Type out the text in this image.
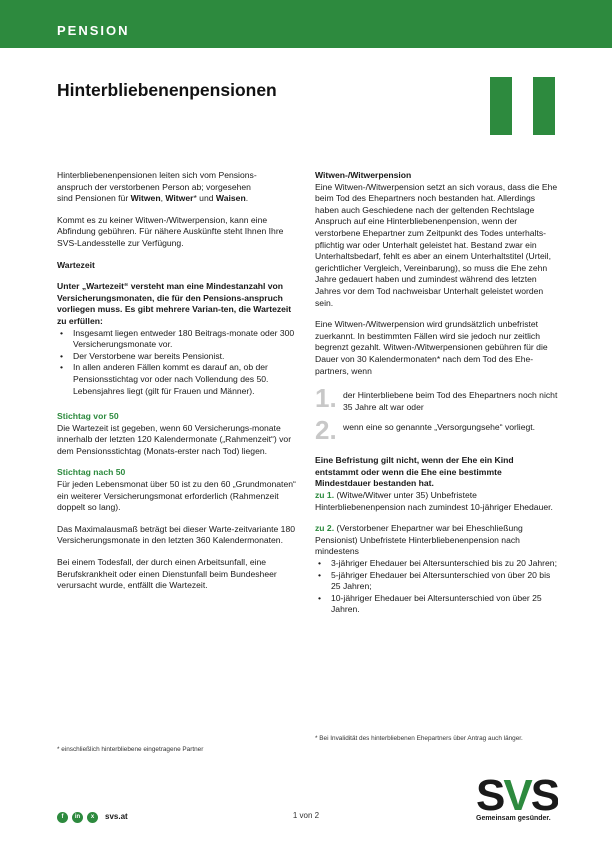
PENSION
Hinterbliebenenpensionen

Hinterbliebenenpensionen leiten sich vom Pensions-
anspruch der verstorbenen Person ab; vorgesehen
sind Pensionen für Witwen, Witwer* und Waisen.

Kommt es zu keiner Witwen-/Witwerpension, kann eine Abfindung gebühren. Für nähere Auskünfte steht Ihnen Ihre SVS-Landesstelle zur Verfügung.

Wartezeit

Unter „Wartezeit“ versteht man eine Mindestanzahl von Versicherungsmonaten, die für den Pensions-anspruch vorliegen muss. Es gibt mehrere Varian-ten, die Wartezeit zu erfüllen:

• Insgesamt liegen entweder 180 Beitrags-monate oder 300 Versicherungsmonate vor.
• Der Verstorbene war bereits Pensionist.
• In allen anderen Fällen kommt es darauf an, ob der Pensionsstichtag vor oder nach Vollendung des 50. Lebensjahres liegt (gilt für Frauen und Männer).

Stichtag vor 50

Die Wartezeit ist gegeben, wenn 60 Versicherungs-monate innerhalb der letzten 120 Kalendermonate („Rahmenzeit“) vor dem Pensionsstichtag (Monats-erster nach Tod) liegen.

Stichtag nach 50

Für jeden Lebensmonat über 50 ist zu den 60 „Grundmonaten“ ein weiterer Versicherungsmonat erforderlich (Rahmenzeit doppelt so lang).

Das Maximalausmaß beträgt bei dieser Warte-zeitvariante 180 Versicherungsmonate in den letzten 360 Kalendermonaten.

Bei einem Todesfall, der durch einen Arbeitsunfall, eine Berufskrankheit oder einen Dienstunfall beim Bundesheer verursacht wurde, entfällt die Wartezeit.

Witwen-/Witwerpension

Eine Witwen-/Witwerpension setzt an sich voraus, dass die Ehe beim Tod des Ehepartners noch bestanden hat. Allerdings haben auch Geschiedene nach der geltenden Rechtslage Anspruch auf eine Hinterbliebenenpension, wenn der verstorbene Ehepartner zum Zeitpunkt des Todes unterhalts-pflichtig war oder Unterhalt geleistet hat. Bestand zwar ein Unterhaltsbedarf, fehlt es aber an einem Unterhaltstitel (Urteil, gerichtlicher Vergleich, Vereinbarung), so muss die Ehe zehn Jahre gedauert haben und zumindest während des letzten Jahres vor dem Tod nachweisbar Unterhalt geleistet worden sein.

Eine Witwen-/Witwerpension wird grundsätzlich unbefristet zuerkannt. In bestimmten Fällen wird sie jedoch nur zeitlich begrenzt gezahlt. Witwen-/Witwerpensionen gebühren für die Dauer von 30 Kalendermonaten* nach dem Tod des Ehe-partners, wenn

1. der Hinterbliebene beim Tod des Ehepartners noch nicht 35 Jahre alt war oder
2. wenn eine so genannte „Versorgungsehe“ vorliegt.

Eine Befristung gilt nicht, wenn der Ehe ein Kind entstammt oder wenn die Ehe eine bestimmte Mindestdauer bestanden hat.

zu 1. (Witwe/Witwer unter 35) Unbefristete Hinterbliebenenpension nach zumindest 10-jähriger Ehedauer.

zu 2. (Verstorbener Ehepartner war bei Eheschließung Pensionist) Unbefristete Hinterbliebenenpension nach mindestens

• 3-jähriger Ehedauer bei Altersunterschied bis zu 20 Jahren;
• 5-jähriger Ehedauer bei Altersunterschied von über 20 bis 25 Jahren;
• 10-jähriger Ehedauer bei Altersunterschied von über 25 Jahren.
* einschließlich hinterbliebene eingetragene Partner
* Bei Invalidität des hinterbliebenen Ehepartners über Antrag auch länger.
f	in	x	svs.at	1 von 2	SVS
Gemeinsam gesünder.
